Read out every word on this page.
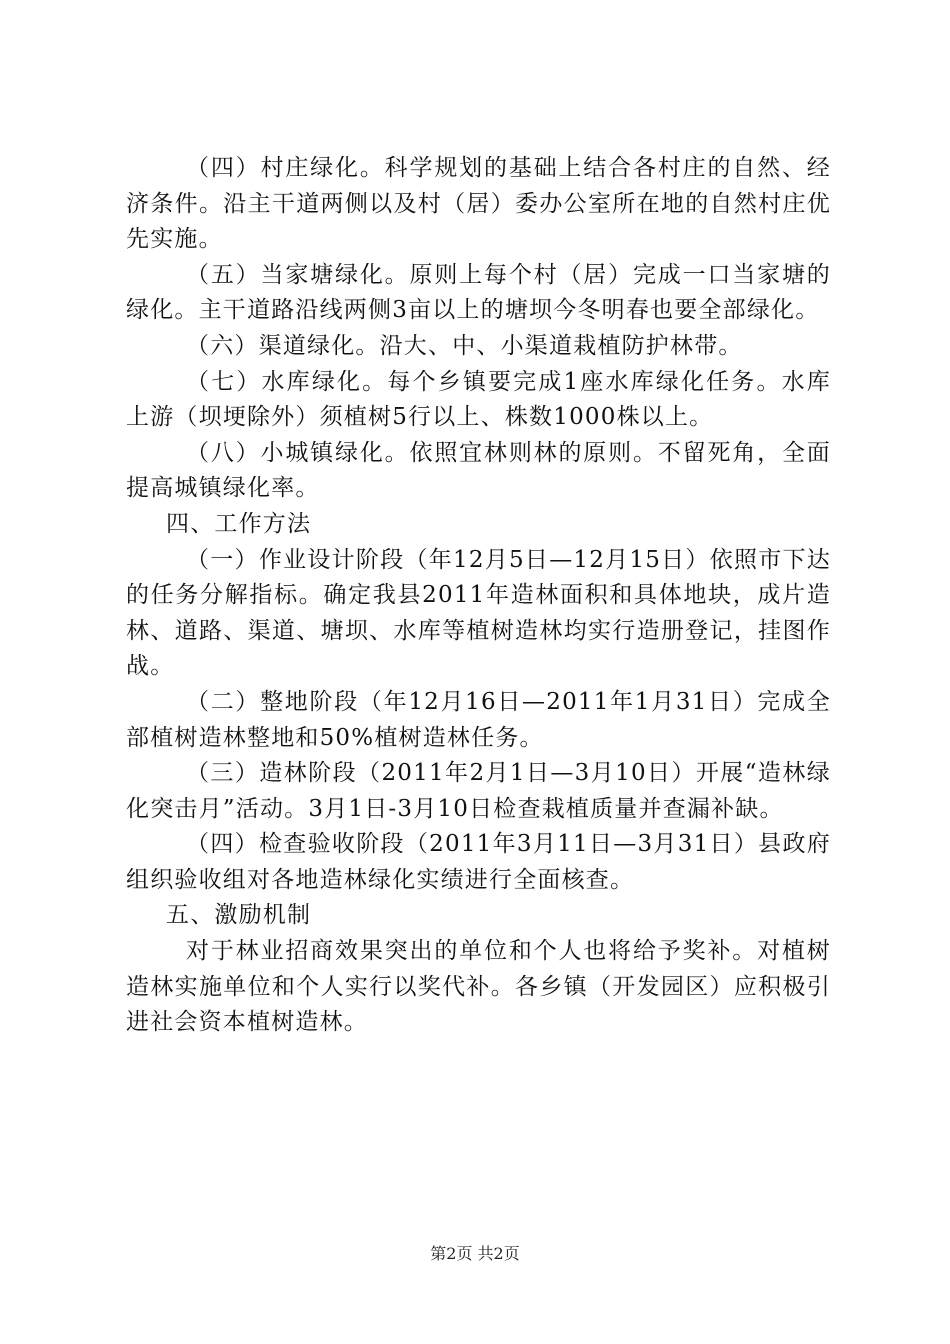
（四）村庄绿化。科学规划的基础上结合各村庄的自然、经济条件。沿主干道两侧以及村（居）委办公室所在地的自然村庄优先实施。

（五）当家塘绿化。原则上每个村（居）完成一口当家塘的绿化。主干道路沿线两侧3亩以上的塘坝今冬明春也要全部绿化。

（六）渠道绿化。沿大、中、小渠道栽植防护林带。

（七）水库绿化。每个乡镇要完成1座水库绿化任务。水库上游（坝埂除外）须植树5行以上、株数1000株以上。

（八）小城镇绿化。依照宜林则林的原则。不留死角，全面提高城镇绿化率。

四、工作方法

（一）作业设计阶段（年12月5日—12月15日）依照市下达的任务分解指标。确定我县2011年造林面积和具体地块，成片造林、道路、渠道、塘坝、水库等植树造林均实行造册登记，挂图作战。

（二）整地阶段（年12月16日—2011年1月31日）完成全部植树造林整地和50%植树造林任务。

（三）造林阶段（2011年2月1日—3月10日）开展“造林绿化突击月”活动。3月1日-3月10日检查栽植质量并查漏补缺。

（四）检查验收阶段（2011年3月11日—3月31日）县政府组织验收组对各地造林绿化实绩进行全面核查。

五、激励机制

对于林业招商效果突出的单位和个人也将给予奖补。对植树造林实施单位和个人实行以奖代补。各乡镇（开发园区）应积极引进社会资本植树造林。

第2页 共2页
